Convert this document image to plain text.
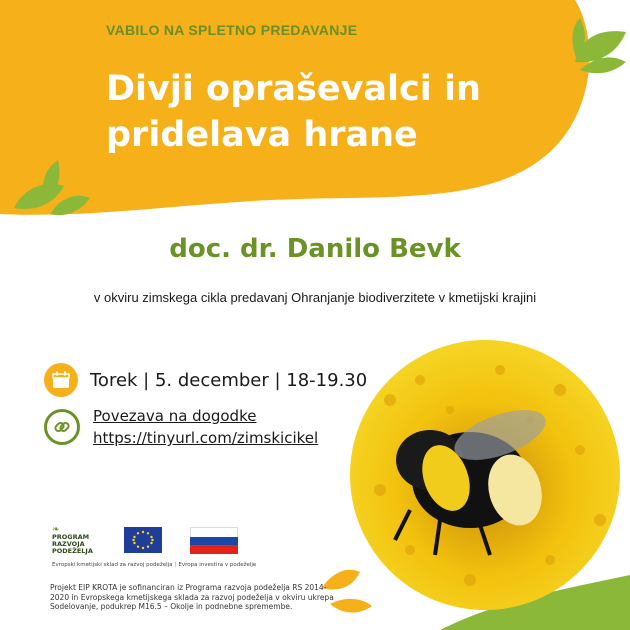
VABILO NA SPLETNO PREDAVANJE
Divji opraševalci in pridelava hrane
doc. dr. Danilo Bevk
v okviru zimskega cikla predavanj Ohranjanje biodiverzitete v kmetijski krajini
Torek | 5. december | 18-19.30
Povezava na dogodke
https://tinyurl.com/zimskicikel
❧
PROGRAM
RAZVOJA
PODEŽELJA
Evropski kmetijski sklad za razvoj podeželja | Evropa investira v podeželje
Projekt EIP KROTA je sofinanciran iz Programa razvoja podeželja RS 2014-2020 in Evropskega kmetijskega sklada za razvoj podeželja v okviru ukrepa Sodelovanje, podukrep M16.5 – Okolje in podnebne spremembe.
